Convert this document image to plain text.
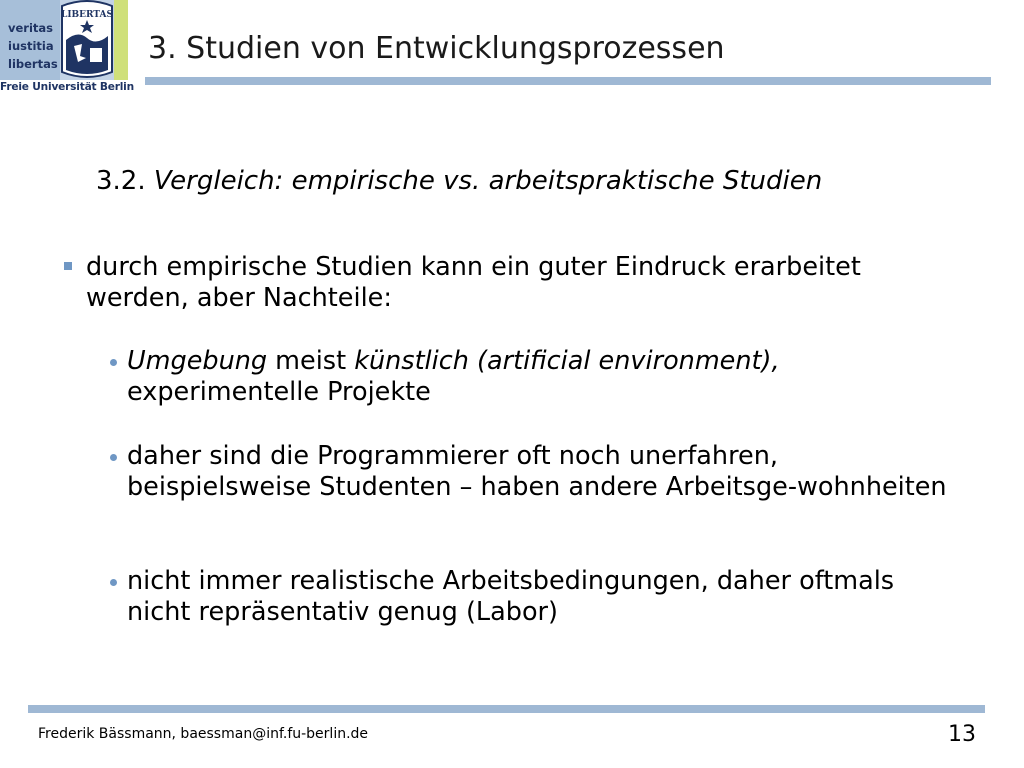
veritas
iustitia
libertas
LIBERTAS
Freie Universität Berlin
3. Studien von Entwicklungsprozessen
3.2. Vergleich: empirische vs. arbeitspraktische Studien
durch empirische Studien kann ein guter Eindruck erarbeitet werden, aber Nachteile:
Umgebung meist künstlich (artificial environment), experimentelle Projekte
daher sind die Programmierer oft noch unerfahren, beispielsweise Studenten – haben andere Arbeitsge-wohnheiten
nicht immer realistische Arbeitsbedingungen, daher oftmals nicht repräsentativ genug (Labor)
Frederik Bässmann, baessman@inf.fu-berlin.de	13
